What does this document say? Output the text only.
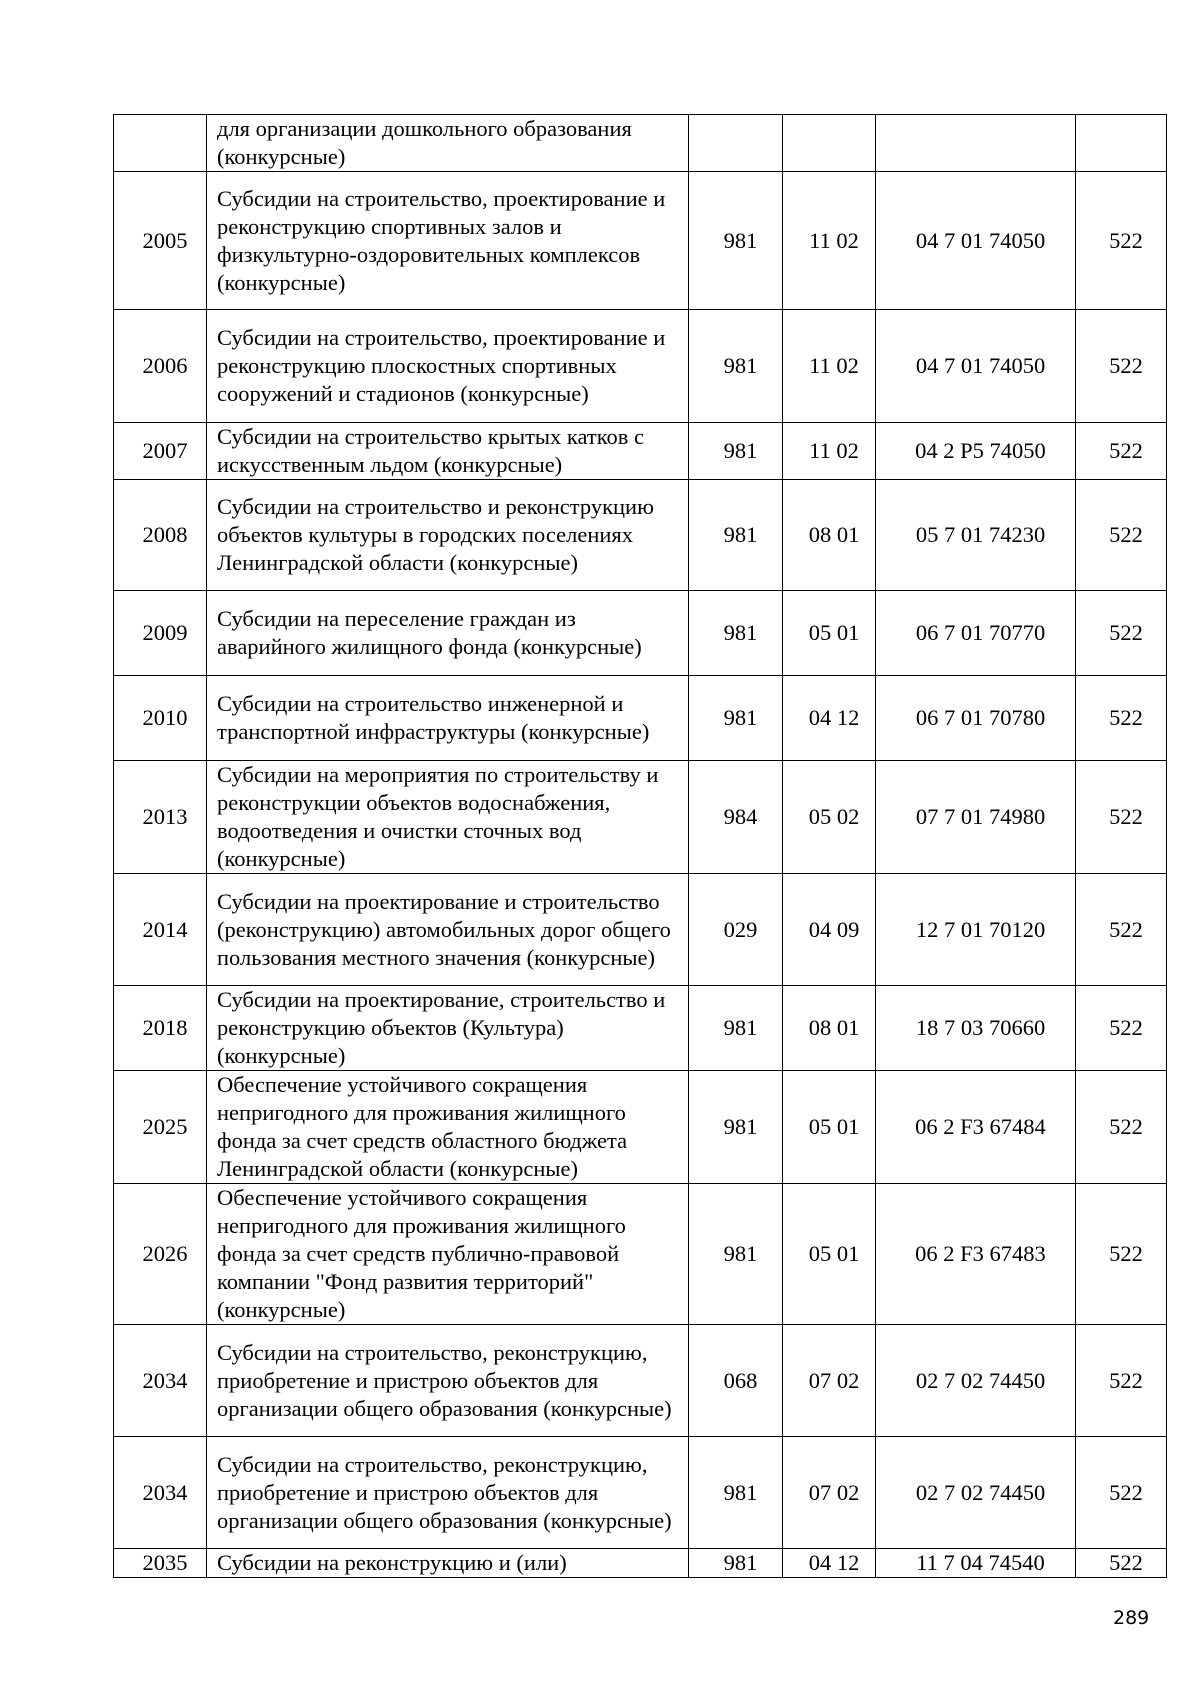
	для организации дошкольного образования (конкурсные)				
2005	Субсидии на строительство, проектирование и реконструкцию спортивных залов и физкультурно-оздоровительных комплексов (конкурсные)	981	11 02	04 7 01 74050	522
2006	Субсидии на строительство, проектирование и реконструкцию плоскостных спортивных сооружений и стадионов (конкурсные)	981	11 02	04 7 01 74050	522
2007	Субсидии на строительство крытых катков с искусственным льдом (конкурсные)	981	11 02	04 2 P5 74050	522
2008	Субсидии на строительство и реконструкцию объектов культуры в городских поселениях Ленинградской области (конкурсные)	981	08 01	05 7 01 74230	522
2009	Субсидии на переселение граждан из аварийного жилищного фонда (конкурсные)	981	05 01	06 7 01 70770	522
2010	Субсидии на строительство инженерной и транспортной инфраструктуры (конкурсные)	981	04 12	06 7 01 70780	522
2013	Субсидии на мероприятия по строительству и реконструкции объектов водоснабжения, водоотведения и очистки сточных вод (конкурсные)	984	05 02	07 7 01 74980	522
2014	Субсидии на проектирование и строительство (реконструкцию) автомобильных дорог общего пользования местного значения (конкурсные)	029	04 09	12 7 01 70120	522
2018	Субсидии на проектирование, строительство и реконструкцию объектов (Культура) (конкурсные)	981	08 01	18 7 03 70660	522
2025	Обеспечение устойчивого сокращения непригодного для проживания жилищного фонда за счет средств областного бюджета Ленинградской области (конкурсные)	981	05 01	06 2 F3 67484	522
2026	Обеспечение устойчивого сокращения непригодного для проживания жилищного фонда за счет средств публично-правовой компании "Фонд развития территорий" (конкурсные)	981	05 01	06 2 F3 67483	522
2034	Субсидии на строительство, реконструкцию, приобретение и пристрою объектов для организации общего образования (конкурсные)	068	07 02	02 7 02 74450	522
2034	Субсидии на строительство, реконструкцию, приобретение и пристрою объектов для организации общего образования (конкурсные)	981	07 02	02 7 02 74450	522
2035	Субсидии на реконструкцию и (или)	981	04 12	11 7 04 74540	522
289
